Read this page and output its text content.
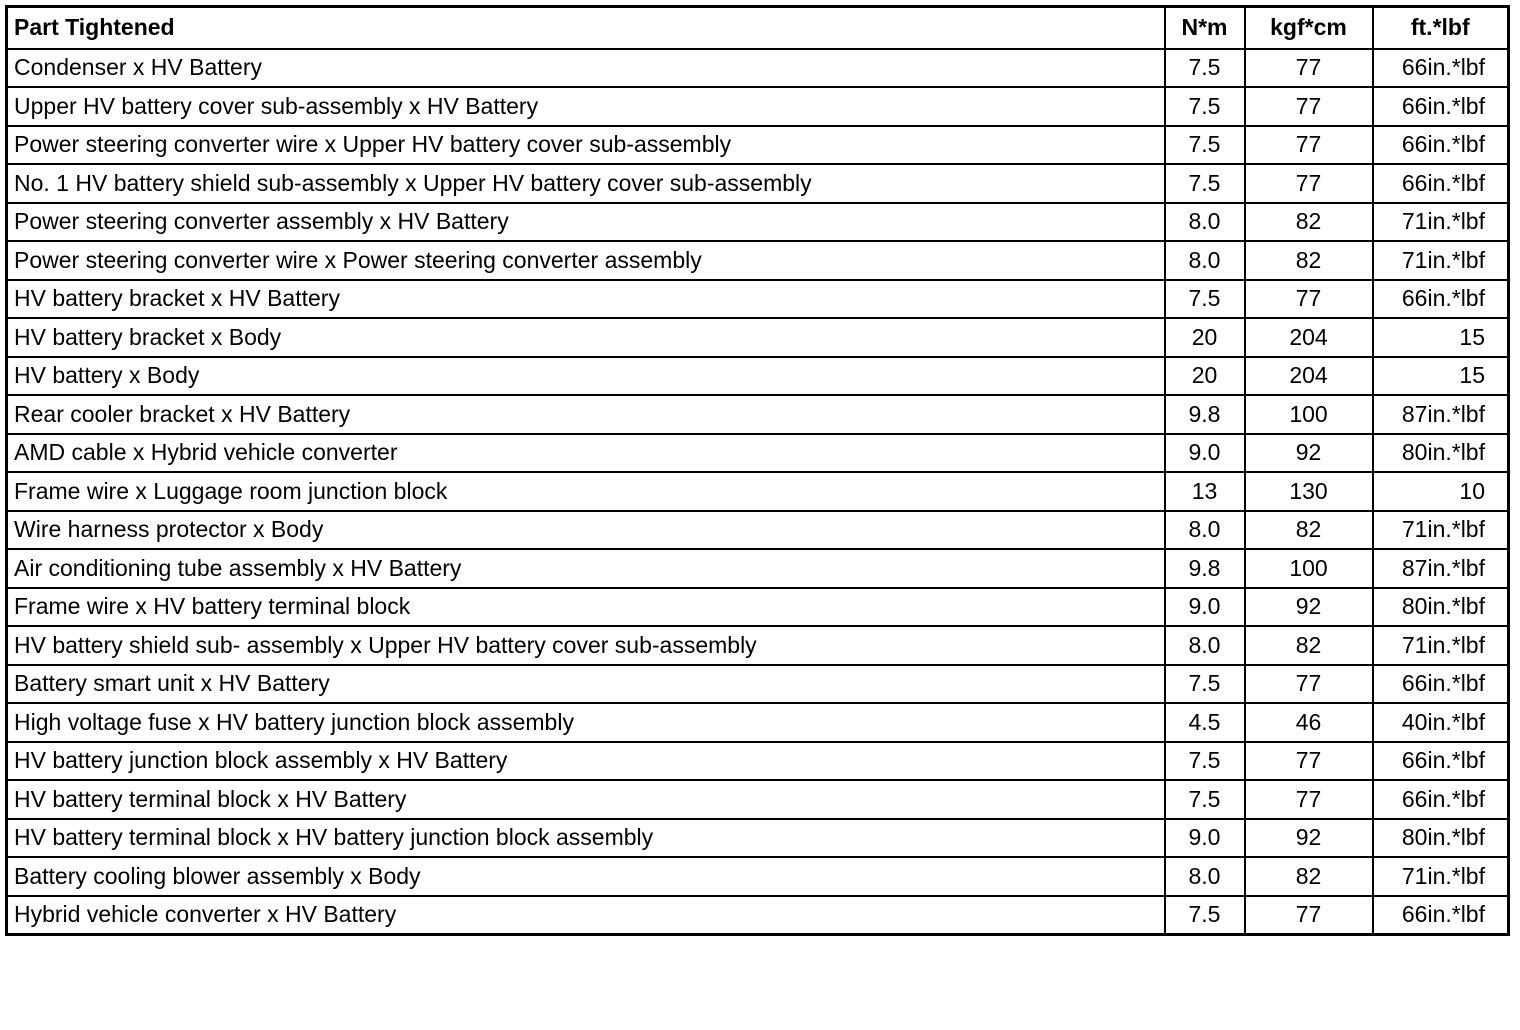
Part Tightened	N*m	kgf*cm	ft.*lbf
Condenser x HV Battery	7.5	77	66in.*lbf
Upper HV battery cover sub-assembly x HV Battery	7.5	77	66in.*lbf
Power steering converter wire x Upper HV battery cover sub-assembly	7.5	77	66in.*lbf
No. 1 HV battery shield sub-assembly x Upper HV battery cover sub-assembly	7.5	77	66in.*lbf
Power steering converter assembly x HV Battery	8.0	82	71in.*lbf
Power steering converter wire x Power steering converter assembly	8.0	82	71in.*lbf
HV battery bracket x HV Battery	7.5	77	66in.*lbf
HV battery bracket x Body	20	204	15
HV battery x Body	20	204	15
Rear cooler bracket x HV Battery	9.8	100	87in.*lbf
AMD cable x Hybrid vehicle converter	9.0	92	80in.*lbf
Frame wire x Luggage room junction block	13	130	10
Wire harness protector x Body	8.0	82	71in.*lbf
Air conditioning tube assembly x HV Battery	9.8	100	87in.*lbf
Frame wire x HV battery terminal block	9.0	92	80in.*lbf
HV battery shield sub- assembly x Upper HV battery cover sub-assembly	8.0	82	71in.*lbf
Battery smart unit x HV Battery	7.5	77	66in.*lbf
High voltage fuse x HV battery junction block assembly	4.5	46	40in.*lbf
HV battery junction block assembly x HV Battery	7.5	77	66in.*lbf
HV battery terminal block x HV Battery	7.5	77	66in.*lbf
HV battery terminal block x HV battery junction block assembly	9.0	92	80in.*lbf
Battery cooling blower assembly x Body	8.0	82	71in.*lbf
Hybrid vehicle converter x HV Battery	7.5	77	66in.*lbf
